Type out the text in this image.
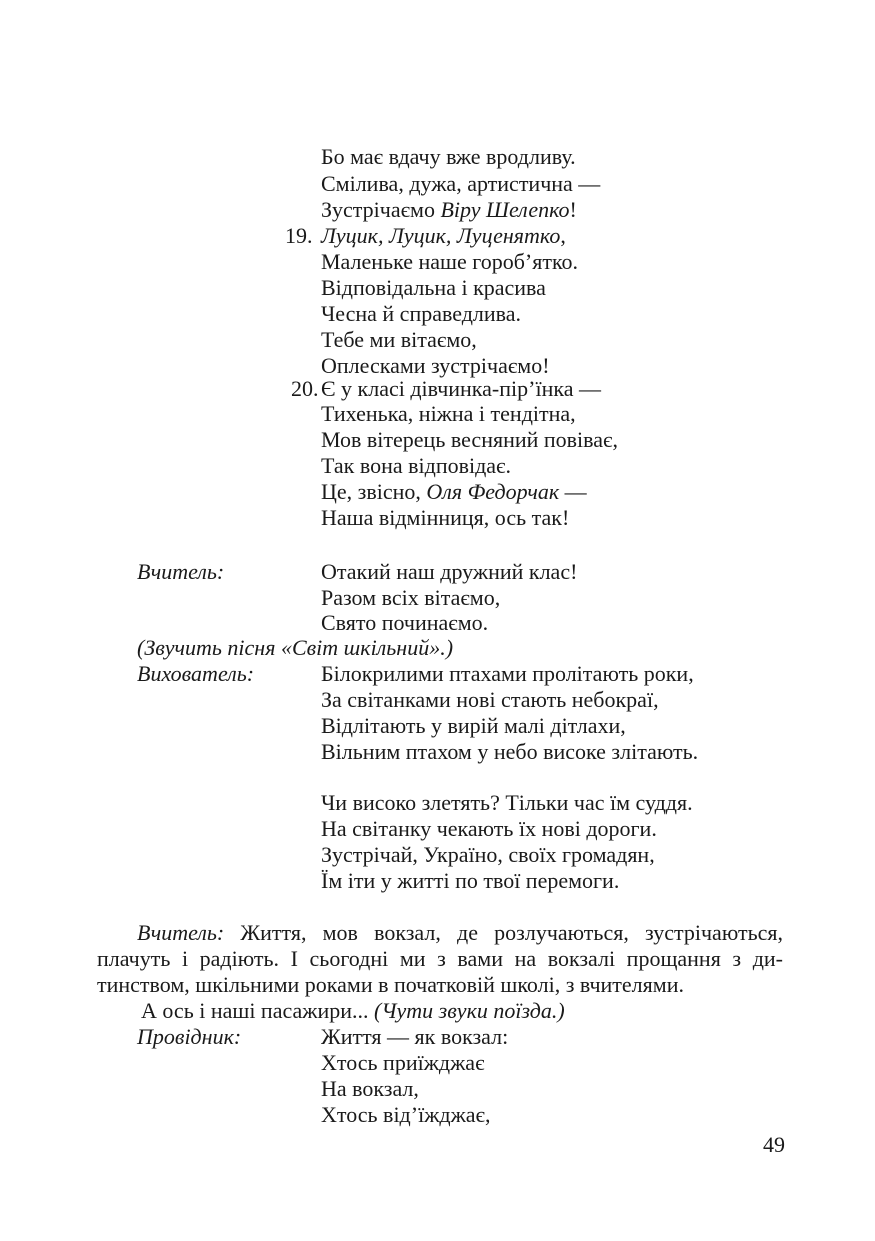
19.
20.
Вчитель:
(Звучить пісня «Світ шкільний».)
Вихователь:
Провідник:
Вчитель: Життя, мов вокзал, де розлучаються, зустрічаються,
плачуть і радіють. І сьогодні ми з вами на вокзалі прощання з ди-
тинством, шкільними роками в початковій школі, з вчителями.
А ось і наші пасажири... (Чути звуки поїзда.)
Бо має вдачу вже вродливу.
Смілива, дужа, артистична —
Зустрічаємо Віру Шелепко!
Луцик, Луцик, Луценятко,
Маленьке наше гороб’ятко.
Відповідальна і красива
Чесна й справедлива.
Тебе ми вітаємо,
Оплесками зустрічаємо!
Є у класі дівчинка-пір’їнка —
Тихенька, ніжна і тендітна,
Мов вітерець весняний повіває,
Так вона відповідає.
Це, звісно, Оля Федорчак —
Наша відмінниця, ось так!
Отакий наш дружний клас!
Разом всіх вітаємо,
Свято починаємо.
Білокрилими птахами пролітають роки,
За світанками нові стають небокраї,
Відлітають у вирій малі дітлахи,
Вільним птахом у небо високе злітають.
Чи високо злетять? Тільки час їм суддя.
На світанку чекають їх нові дороги.
Зустрічай, Україно, своїх громадян,
Їм іти у житті по твої перемоги.
Життя — як вокзал:
Хтось приїжджає
На вокзал,
Хтось від’їжджає,
49
